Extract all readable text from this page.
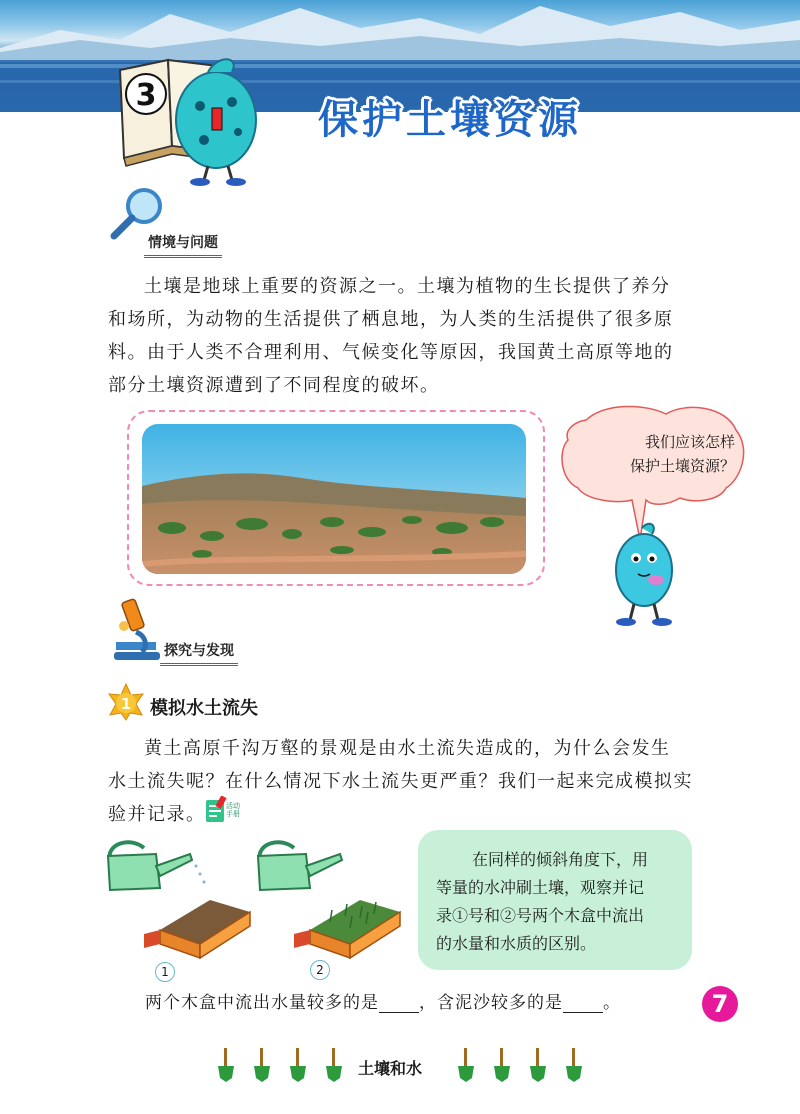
3
保护土壤资源
情境与问题
土壤是地球上重要的资源之一。土壤为植物的生长提供了养分
和场所，为动物的生活提供了栖息地，为人类的生活提供了很多原
料。由于人类不合理利用、气候变化等原因，我国黄土高原等地的
部分土壤资源遭到了不同程度的破坏。
我们应该怎样
保护土壤资源？
探究与发现
1 模拟水土流失
黄土高原千沟万壑的景观是由水土流失造成的，为什么会发生
水土流失呢？在什么情况下水土流失更严重？我们一起来完成模拟实
验并记录。	活动
手册
1	2
在同样的倾斜角度下，用
等量的水冲刷土壤，观察并记
录①号和②号两个木盒中流出
的水量和水质的区别。
两个木盒中流出水量较多的是 ，含泥沙较多的是 。	7
土壤和水
